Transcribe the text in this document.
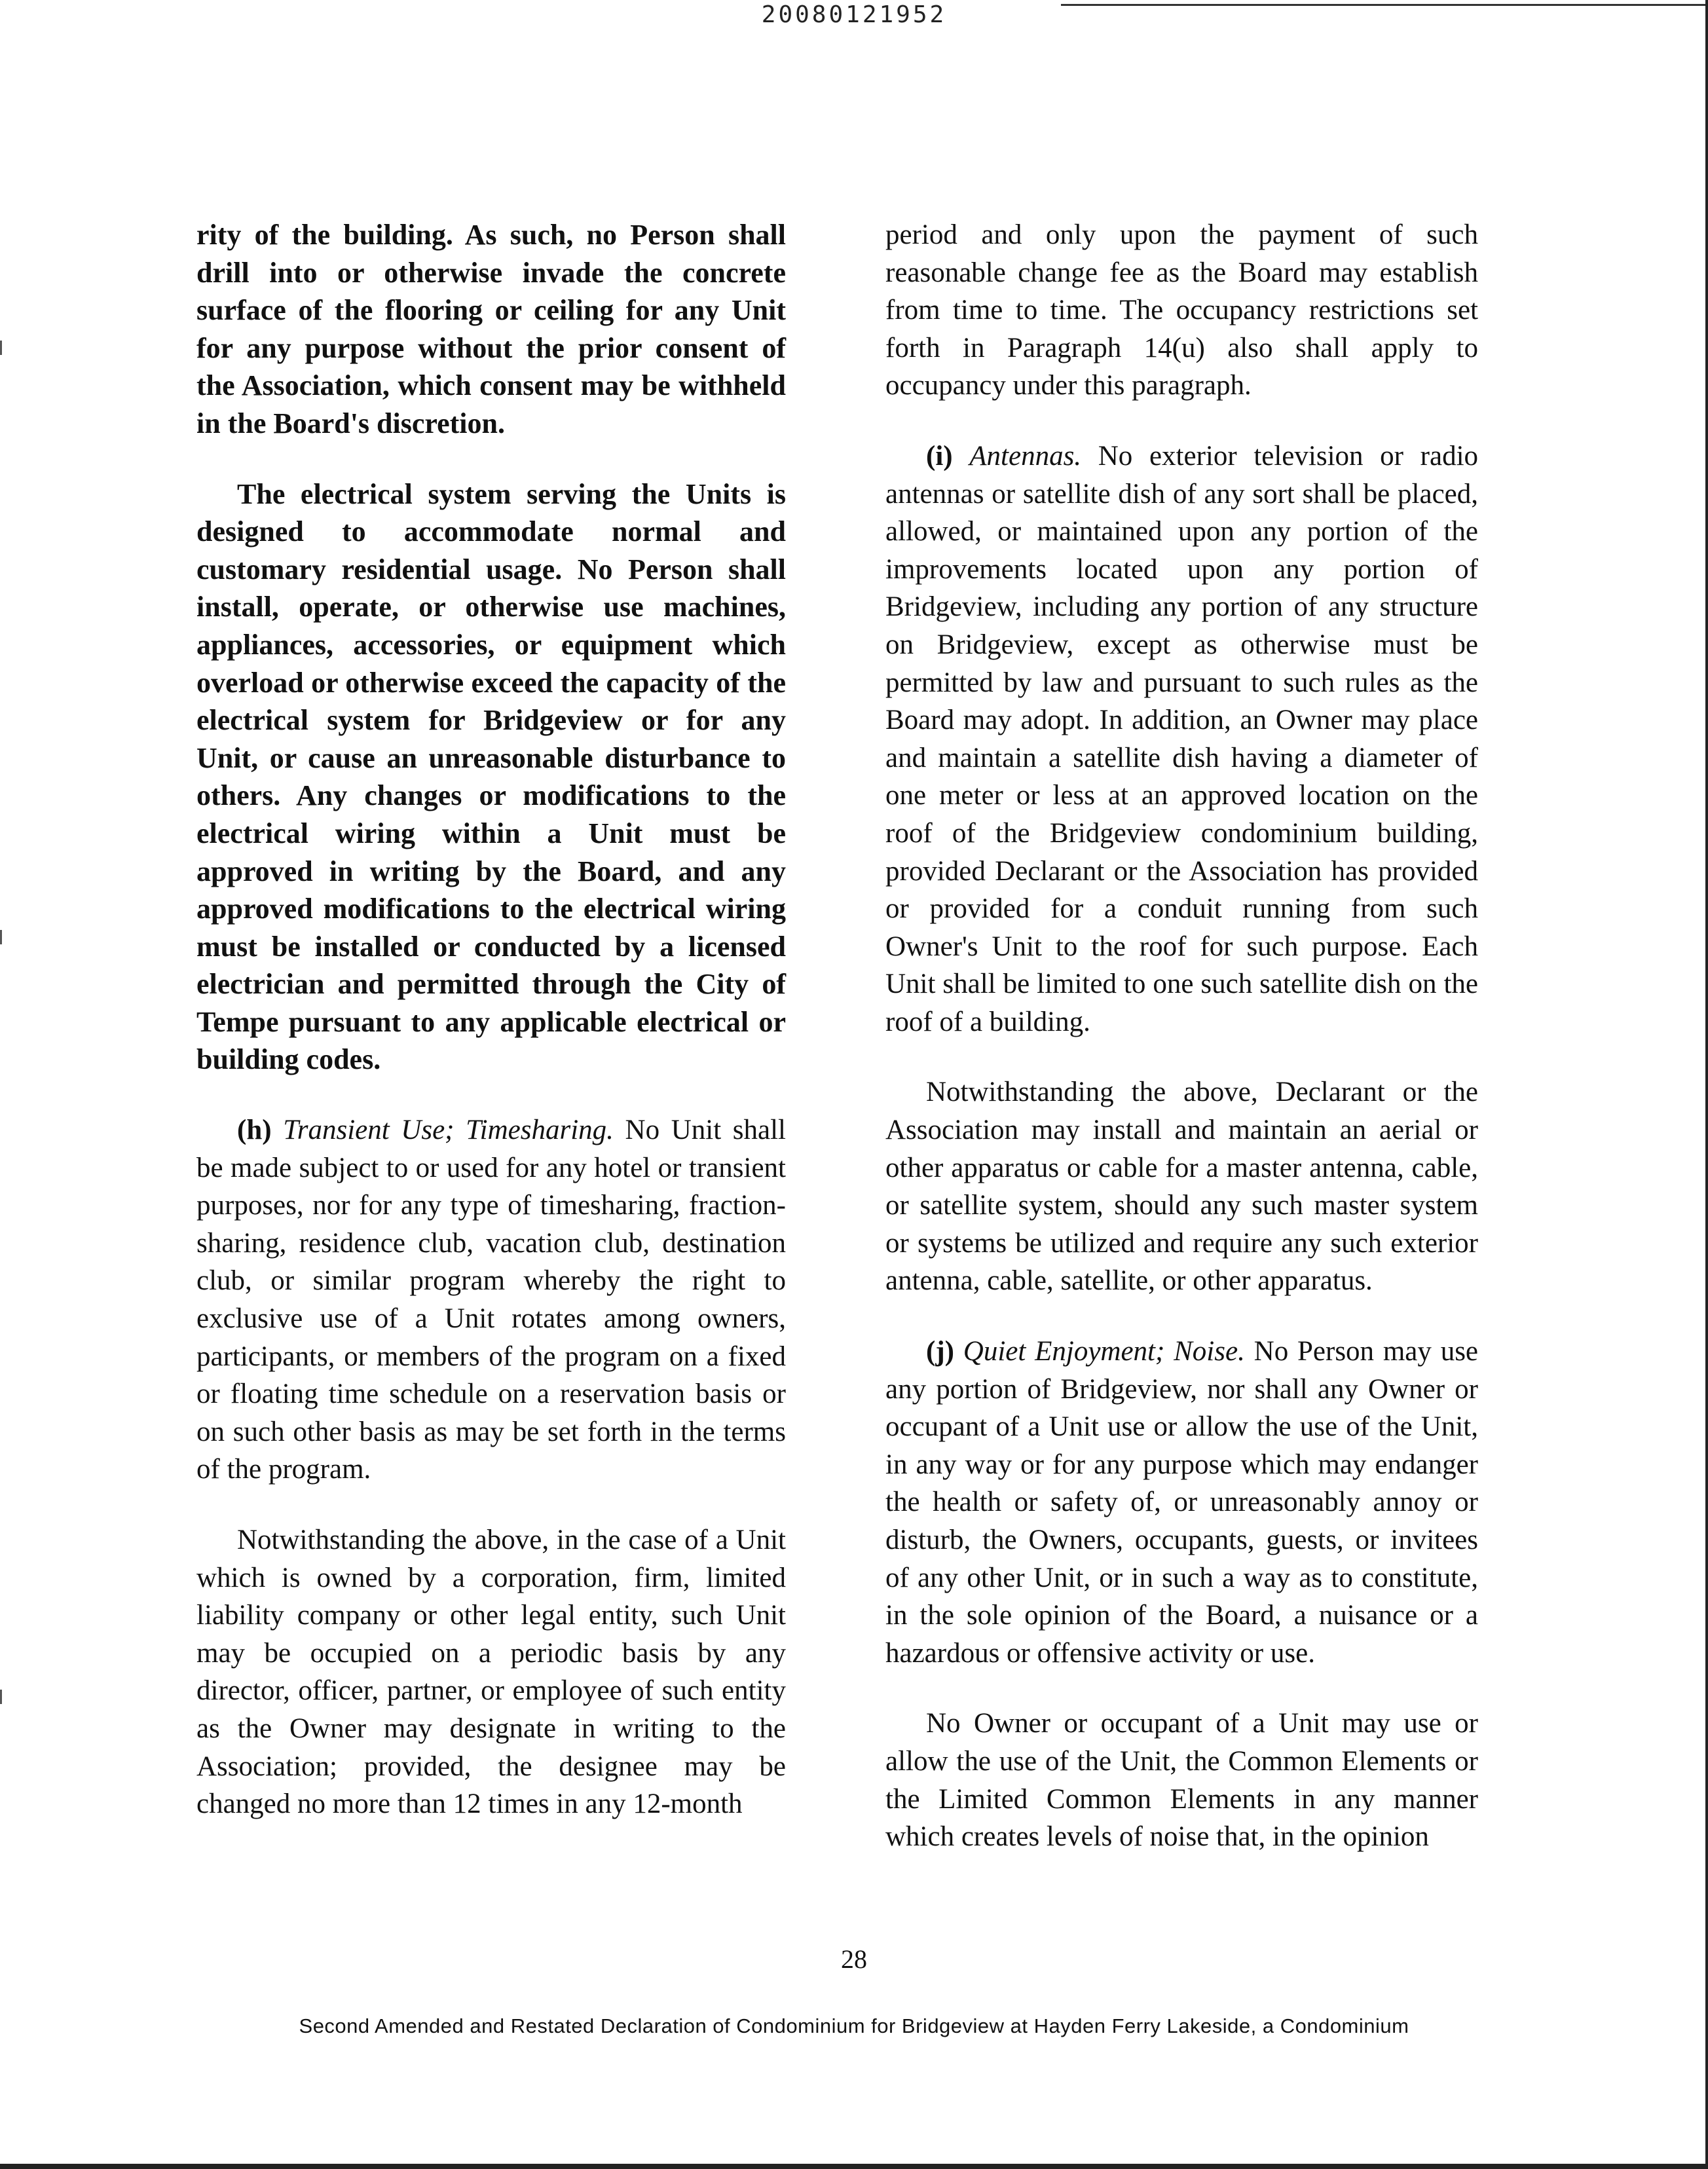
20080121952

rity of the building. As such, no Person shall drill into or otherwise invade the concrete surface of the flooring or ceiling for any Unit for any purpose without the prior consent of the Association, which consent may be withheld in the Board's discretion.

The electrical system serving the Units is designed to accommodate normal and customary residential usage. No Person shall install, operate, or otherwise use machines, appliances, accessories, or equipment which overload or otherwise exceed the capacity of the electrical system for Bridgeview or for any Unit, or cause an unreasonable disturbance to others. Any changes or modifications to the electrical wiring within a Unit must be approved in writing by the Board, and any approved modifications to the electrical wiring must be installed or conducted by a licensed electrician and permitted through the City of Tempe pursuant to any applicable electrical or building codes.

(h) Transient Use; Timesharing. No Unit shall be made subject to or used for any hotel or transient purposes, nor for any type of timesharing, fraction-sharing, residence club, vacation club, destination club, or similar program whereby the right to exclusive use of a Unit rotates among owners, participants, or members of the program on a fixed or floating time schedule on a reservation basis or on such other basis as may be set forth in the terms of the program.

Notwithstanding the above, in the case of a Unit which is owned by a corporation, firm, limited liability company or other legal entity, such Unit may be occupied on a periodic basis by any director, officer, partner, or employee of such entity as the Owner may designate in writing to the Association; provided, the designee may be changed no more than 12 times in any 12-month

period and only upon the payment of such reasonable change fee as the Board may establish from time to time. The occupancy restrictions set forth in Paragraph 14(u) also shall apply to occupancy under this paragraph.

(i) Antennas. No exterior television or radio antennas or satellite dish of any sort shall be placed, allowed, or maintained upon any portion of the improvements located upon any portion of Bridgeview, including any portion of any structure on Bridgeview, except as otherwise must be permitted by law and pursuant to such rules as the Board may adopt. In addition, an Owner may place and maintain a satellite dish having a diameter of one meter or less at an approved location on the roof of the Bridgeview condominium building, provided Declarant or the Association has provided or provided for a conduit running from such Owner's Unit to the roof for such purpose. Each Unit shall be limited to one such satellite dish on the roof of a building.

Notwithstanding the above, Declarant or the Association may install and maintain an aerial or other apparatus or cable for a master antenna, cable, or satellite system, should any such master system or systems be utilized and require any such exterior antenna, cable, satellite, or other apparatus.

(j) Quiet Enjoyment; Noise. No Person may use any portion of Bridgeview, nor shall any Owner or occupant of a Unit use or allow the use of the Unit, in any way or for any purpose which may endanger the health or safety of, or unreasonably annoy or disturb, the Owners, occupants, guests, or invitees of any other Unit, or in such a way as to constitute, in the sole opinion of the Board, a nuisance or a hazardous or offensive activity or use.

No Owner or occupant of a Unit may use or allow the use of the Unit, the Common Elements or the Limited Common Elements in any manner which creates levels of noise that, in the opinion

28
Second Amended and Restated Declaration of Condominium for Bridgeview at Hayden Ferry Lakeside, a Condominium
